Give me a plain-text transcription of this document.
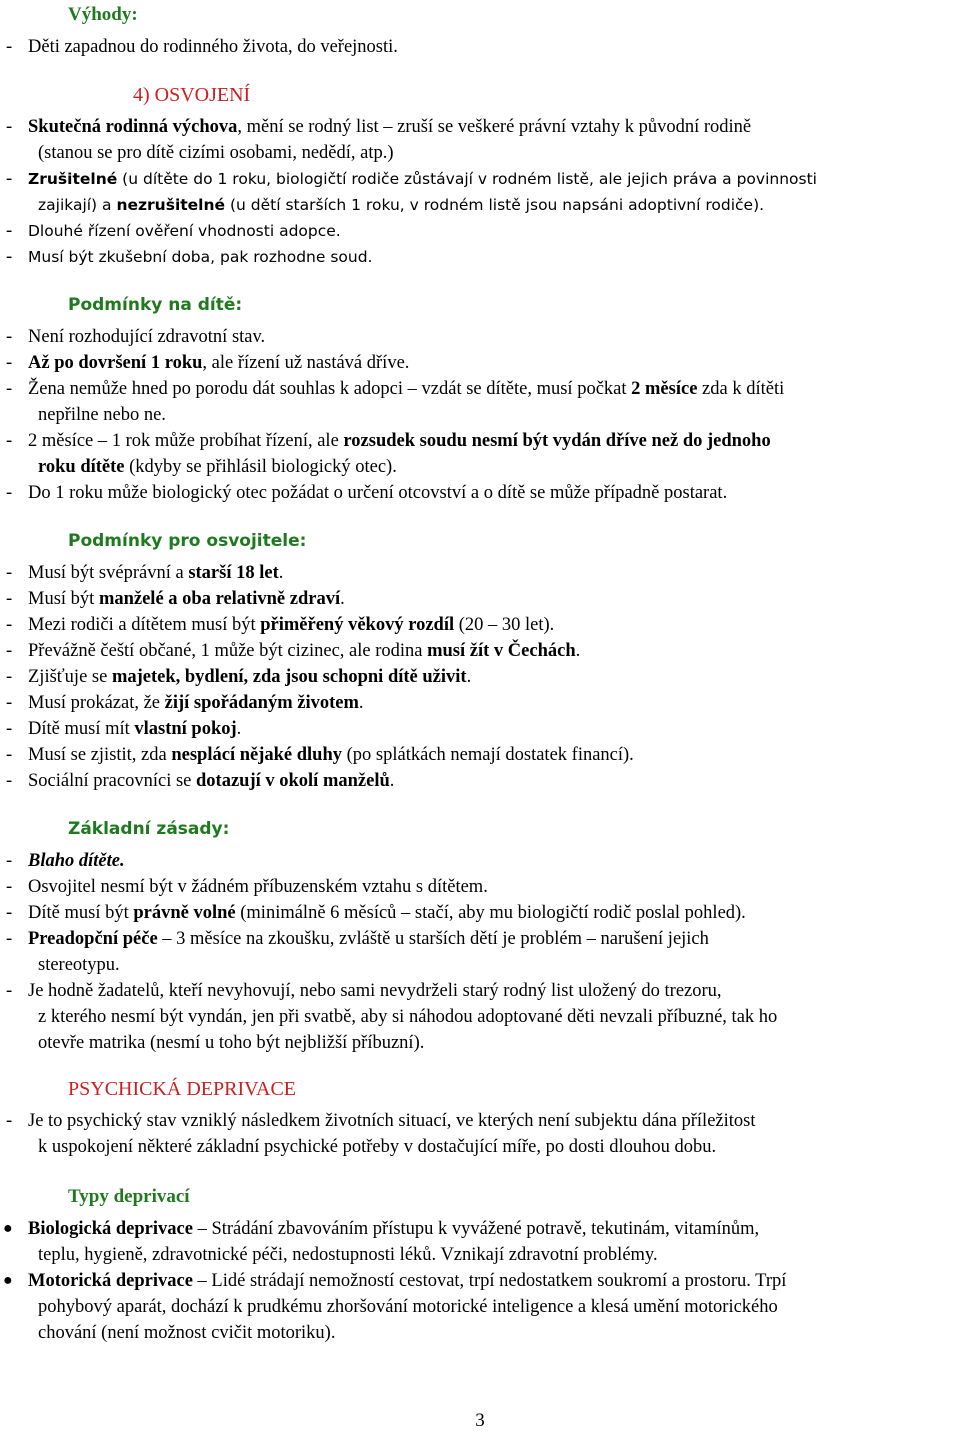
Výhody:
- Děti zapadnou do rodinného života, do veřejnosti.
4) OSVOJENÍ
- Skutečná rodinná výchova, mění se rodný list – zruší se veškeré právní vztahy k původní rodině
(stanou se pro dítě cizími osobami, nedědí, atp.)
-	Zrušitelné (u dítěte do 1 roku, biologičtí rodiče zůstávají v rodném listě, ale jejich práva a povinnosti
zajikají) a nezrušitelné (u dětí starších 1 roku, v rodném listě jsou napsáni adoptivní rodiče).
-	Dlouhé řízení ověření vhodnosti adopce.
-	Musí být zkušební doba, pak rozhodne soud.
Podmínky na dítě:
- Není rozhodující zdravotní stav.
- Až po dovršení 1 roku, ale řízení už nastává dříve.
- Žena nemůže hned po porodu dát souhlas k adopci – vzdát se dítěte, musí počkat 2 měsíce zda k dítěti
nepřilne nebo ne.
- 2 měsíce – 1 rok může probíhat řízení, ale rozsudek soudu nesmí být vydán dříve než do jednoho
roku dítěte (kdyby se přihlásil biologický otec).
- Do 1 roku může biologický otec požádat o určení otcovství a o dítě se může případně postarat.
Podmínky pro osvojitele:
- Musí být svéprávní a starší 18 let.
- Musí být manželé a oba relativně zdraví.
- Mezi rodiči a dítětem musí být přiměřený věkový rozdíl (20 – 30 let).
- Převážně čeští občané, 1 může být cizinec, ale rodina musí žít v Čechách.
- Zjišťuje se majetek, bydlení, zda jsou schopni dítě uživit.
- Musí prokázat, že žijí spořádaným životem.
- Dítě musí mít vlastní pokoj.
- Musí se zjistit, zda nesplácí nějaké dluhy (po splátkách nemají dostatek financí).
- Sociální pracovníci se dotazují v okolí manželů.
Základní zásady:
- Blaho dítěte.
- Osvojitel nesmí být v žádném příbuzenském vztahu s dítětem.
- Dítě musí být právně volné (minimálně 6 měsíců – stačí, aby mu biologičtí rodič poslal pohled).
- Preadopční péče – 3 měsíce na zkoušku, zvláště u starších dětí je problém – narušení jejich
stereotypu.
- Je hodně žadatelů, kteří nevyhovují, nebo sami nevydrželi starý rodný list uložený do trezoru,
z kterého nesmí být vyndán, jen při svatbě, aby si náhodou adoptované děti nevzali příbuzné, tak ho
otevře matrika (nesmí u toho být nejbližší příbuzní).
PSYCHICKÁ DEPRIVACE
- Je to psychický stav vzniklý následkem životních situací, ve kterých není subjektu dána příležitost
k uspokojení některé základní psychické potřeby v dostačující míře, po dosti dlouhou dobu.
Typy deprivací
● Biologická deprivace – Strádání zbavováním přístupu k vyvážené potravě, tekutinám, vitamínům,
teplu, hygieně, zdravotnické péči, nedostupnosti léků. Vznikají zdravotní problémy.
● Motorická deprivace – Lidé strádají nemožností cestovat, trpí nedostatkem soukromí a prostoru. Trpí
pohybový aparát, dochází k prudkému zhoršování motorické inteligence a klesá umění motorického
chování (není možnost cvičit motoriku).
3
